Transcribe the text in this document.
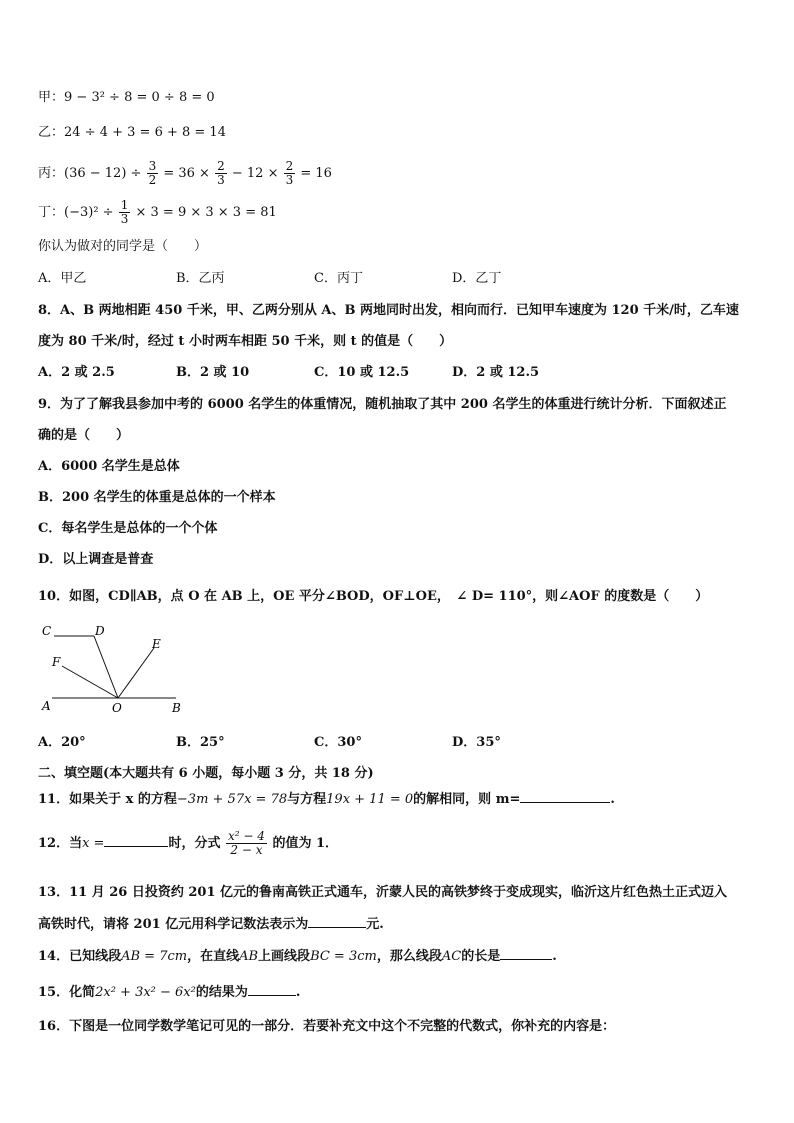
甲：9 − 3² ÷ 8 = 0 ÷ 8 = 0
乙：24 ÷ 4 + 3 = 6 + 8 = 14
丙：$(36 - 12) \div \frac{3}{2} = 36 \times \frac{2}{3} - 12 \times \frac{2}{3} = 16$
丁：$(-3)^2 \div \frac{1}{3} \times 3 = 9 \times 3 \times 3 = 81$
你认为做对的同学是（　　）
A．甲乙	B．乙丙	C．丙丁	D．乙丁
8．A、B 两地相距 450 千米，甲、乙两分别从 A、B 两地同时出发，相向而行．已知甲车速度为 120 千米/时，乙车速
度为 80 千米/时，经过 t 小时两车相距 50 千米，则 t 的值是（　　）
A．2 或 2.5	B．2 或 10	C．10 或 12.5	D．2 或 12.5
9．为了了解我县参加中考的 6000 名学生的体重情况，随机抽取了其中 200 名学生的体重进行统计分析．下面叙述正
确的是（　　）
A．6000 名学生是总体
B．200 名学生的体重是总体的一个样本
C．每名学生是总体的一个个体
D．以上调查是普查
10．如图，CD∥AB，点 O 在 AB 上，OE 平分∠BOD，OF⊥OE，　∠ D= 110°，则∠AOF 的度数是（　　）
C	D
E
F
A	O	B
A．20°	B．25°	C．30°	D．35°
二、填空题(本大题共有 6 小题，每小题 3 分，共 18 分)
11．如果关于 x 的方程−3m + 57x = 78与方程19x + 11 = 0的解相同，则 m=	.
12．当x =	时，分式 $\frac{\text{x² − 4}}{2 - x}$ 的值为 1．
13．11 月 26 日投资约 201 亿元的鲁南高铁正式通车，沂蒙人民的高铁梦终于变成现实，临沂这片红色热土正式迈入
高铁时代，请将 201 亿元用科学记数法表示为	元.
14．已知线段AB = 7cm，在直线AB上画线段BC = 3cm，那么线段AC的长是	.
15．化简2x² + 3x² − 6x²的结果为	.
16．下图是一位同学数学笔记可见的一部分．若要补充文中这个不完整的代数式，你补充的内容是：
